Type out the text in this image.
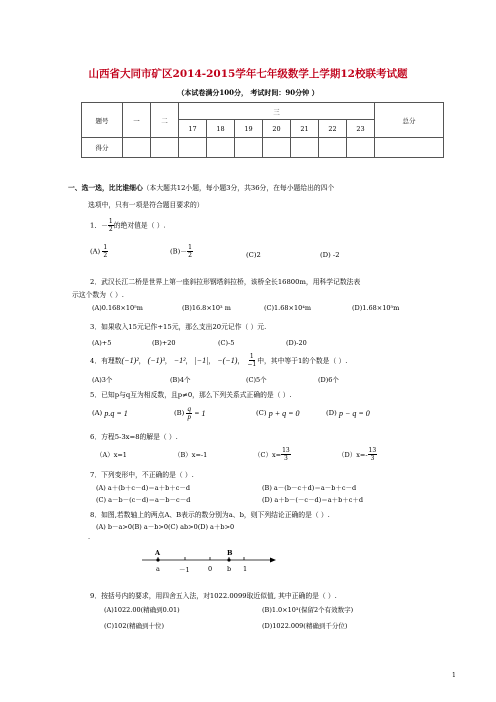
山西省大同市矿区2014-2015学年七年级数学上学期12校联考试题
（本试卷满分100分， 考试时间：90分钟 ）
题号	一	二	三							总分
			17	18	19	20	21	22	23	
得分										
一、选一选，比比谁细心（本大题共12小题，每小题3分，共36分，在每小题给出的四个
选项中，只有一项是符合题目要求的）
1．－ $\frac{1}{2}$ 的绝对值是（ ）.
$(A) \frac{1}{2}$	$(B)- \frac{1}{2}$	(C)2	(D) -2
2．武汉长江二桥是世界上第一座斜拉形钢塔斜拉桥，该桥全长16800m，用科学记数法表
示这个数为（ ）.
(A)0.168×10⁵m	(B)16.8×10³ m	(C)1.68×10⁴m	(D)1.68×10⁵m
3．如果收入15元记作+15元，那么支出20元记作（ ）元.
(A)+5	(B)+20	(C)-5	(D)-20
4．有理数 (−1)² ， (−1)³ ， −1² ， |−1| ， −(−1) ， $\frac{1}{-1}$ 中，其中等于1的个数是（ ）.
(A)3个	(B)4个	(C)5个	(D)6个
5．已知p与q互为相反数，且p≠0，那么下列关系式正确的是（ ）.
(A)
p.q = 1	(B)
$\frac{q}{p}$
= 1	(C)
p + q = 0	(D)
p − q = 0
6．方程5-3x=8的解是（ ）.
（A）x=1	（B）x=-1	$(C)x= \frac{13}{3}$	$(D)x=- \frac{13}{3}$
7．下列变形中，不正确的是（ ）.
(A) a＋(b＋c－d)＝a＋b＋c－d	(B) a－(b－c＋d)＝a－b＋c－d
(C) a－b－(c－d)＝a－b－c－d	(D) a＋b－(－c－d)＝a＋b＋c＋d
8．如图,若数轴上的两点A、B表示的数分别为a、b，则下列结论正确的是（ ）.
(A) b－a>0(B) a－b>0(C) ab>0(D) a＋b>0
.
A	B
a	－1	0 b 1
9．按括号内的要求，用四舍五入法，对1022.0099取近似值, 其中正确的是（ ）.
(A)1022.00(精确到0.01)	(B)1.0×10³(保留2个有效数字)
(C)102(精确到十位)	(D)1022.009(精确到千分位)
1
